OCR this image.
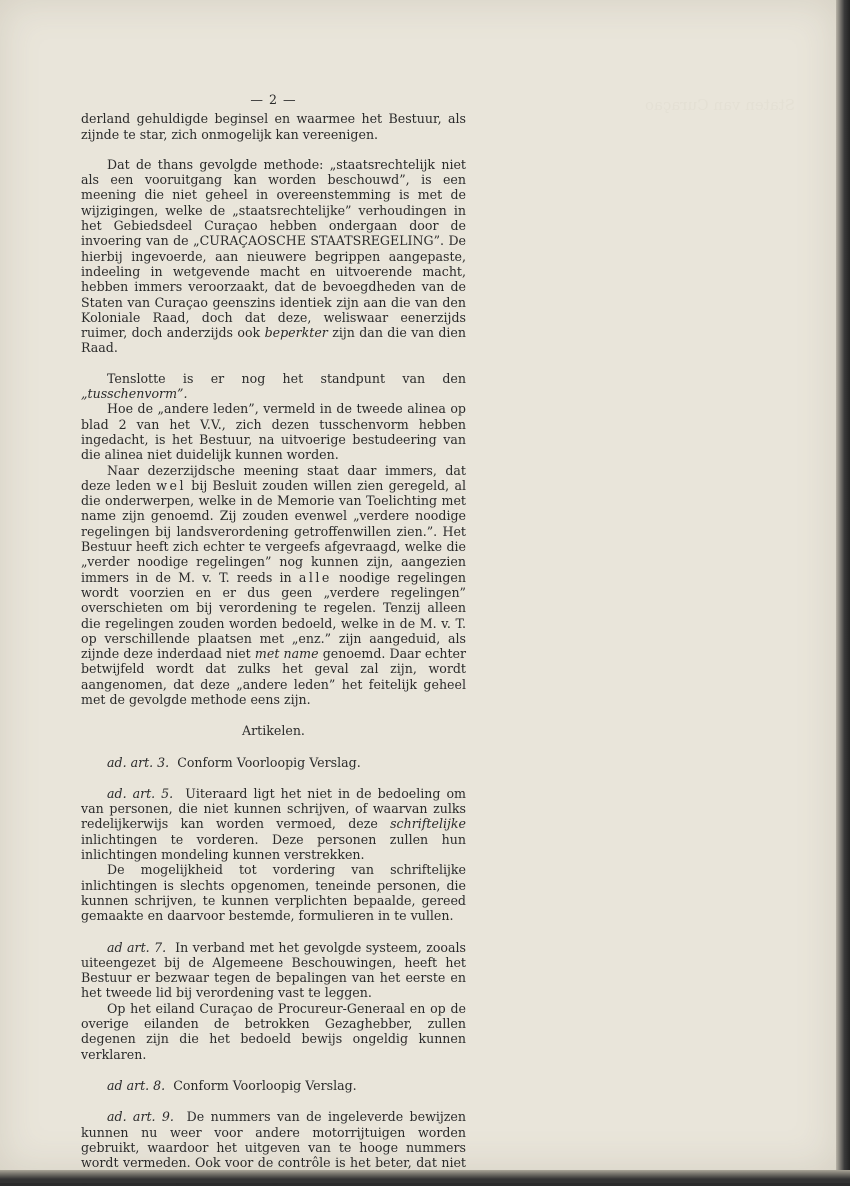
Staten van Curaçao
— 2 —

derland gehuldigde beginsel en waarmee het Bestuur, als zijnde te star, zich onmogelijk kan vereenigen.

Dat de thans gevolgde methode: „staatsrechtelijk niet als een vooruitgang kan worden beschouwd”, is een meening die niet geheel in overeenstemming is met de wijzigingen, welke de „staatsrechtelijke” verhoudingen in het Gebiedsdeel Curaçao hebben ondergaan door de invoering van de „CURAÇAOSCHE STAATSREGELING”. De hierbij ingevoerde, aan nieuwere begrippen aangepaste, indeeling in wetgevende macht en uitvoerende macht, hebben immers veroorzaakt, dat de bevoegdheden van de Staten van Curaçao geenszins identiek zijn aan die van den Koloniale Raad, doch dat deze, weliswaar eenerzijds ruimer, doch anderzijds ook beperkter zijn dan die van dien Raad.

Tenslotte is er nog het standpunt van den „tusschenvorm”.

Hoe de „andere leden”, vermeld in de tweede alinea op blad 2 van het V.V., zich dezen tusschenvorm hebben ingedacht, is het Bestuur, na uitvoerige bestudeering van die alinea niet duidelijk kunnen worden.

Naar dezerzijdsche meening staat daar immers, dat deze leden wel bij Besluit zouden willen zien geregeld, al die onderwerpen, welke in de Memorie van Toelichting met name zijn genoemd. Zij zouden evenwel „verdere noodige regelingen bij landsverordening getroffenwillen zien.”. Het Bestuur heeft zich echter te vergeefs afgevraagd, welke die „verder noodige regelingen” nog kunnen zijn, aangezien immers in de M. v. T. reeds in alle noodige regelingen wordt voorzien en er dus geen „verdere regelingen” overschieten om bij verordening te regelen. Tenzij alleen die regelingen zouden worden bedoeld, welke in de M. v. T. op verschillende plaatsen met „enz.” zijn aangeduid, als zijnde deze inderdaad niet met name genoemd. Daar echter betwijfeld wordt dat zulks het geval zal zijn, wordt aangenomen, dat deze „andere leden” het feitelijk geheel met de gevolgde methode eens zijn.

Artikelen.

ad. art. 3. Conform Voorloopig Verslag.

ad. art. 5. Uiteraard ligt het niet in de bedoeling om van personen, die niet kunnen schrijven, of waarvan zulks redelijkerwijs kan worden vermoed, deze schriftelijke inlichtingen te vorderen. Deze personen zullen hun inlichtingen mondeling kunnen verstrekken.

De mogelijkheid tot vordering van schriftelijke inlichtingen is slechts opgenomen, teneinde personen, die kunnen schrijven, te kunnen verplichten bepaalde, gereed gemaakte en daarvoor bestemde, formulieren in te vullen.

ad art. 7. In verband met het gevolgde systeem, zooals uiteengezet bij de Algemeene Beschouwingen, heeft het Bestuur er bezwaar tegen de bepalingen van het eerste en het tweede lid bij verordening vast te leggen.

Op het eiland Curaçao de Procureur-Generaal en op de overige eilanden de betrokken Gezaghebber, zullen degenen zijn die het bedoeld bewijs ongeldig kunnen verklaren.

ad art. 8. Conform Voorloopig Verslag.

ad. art. 9. De nummers van de ingeleverde bewijzen kunnen nu weer voor andere motorrijtuigen worden gebruikt, waardoor het uitgeven van te hooge nummers wordt vermeden. Ook voor de contrôle is het beter, dat niet
